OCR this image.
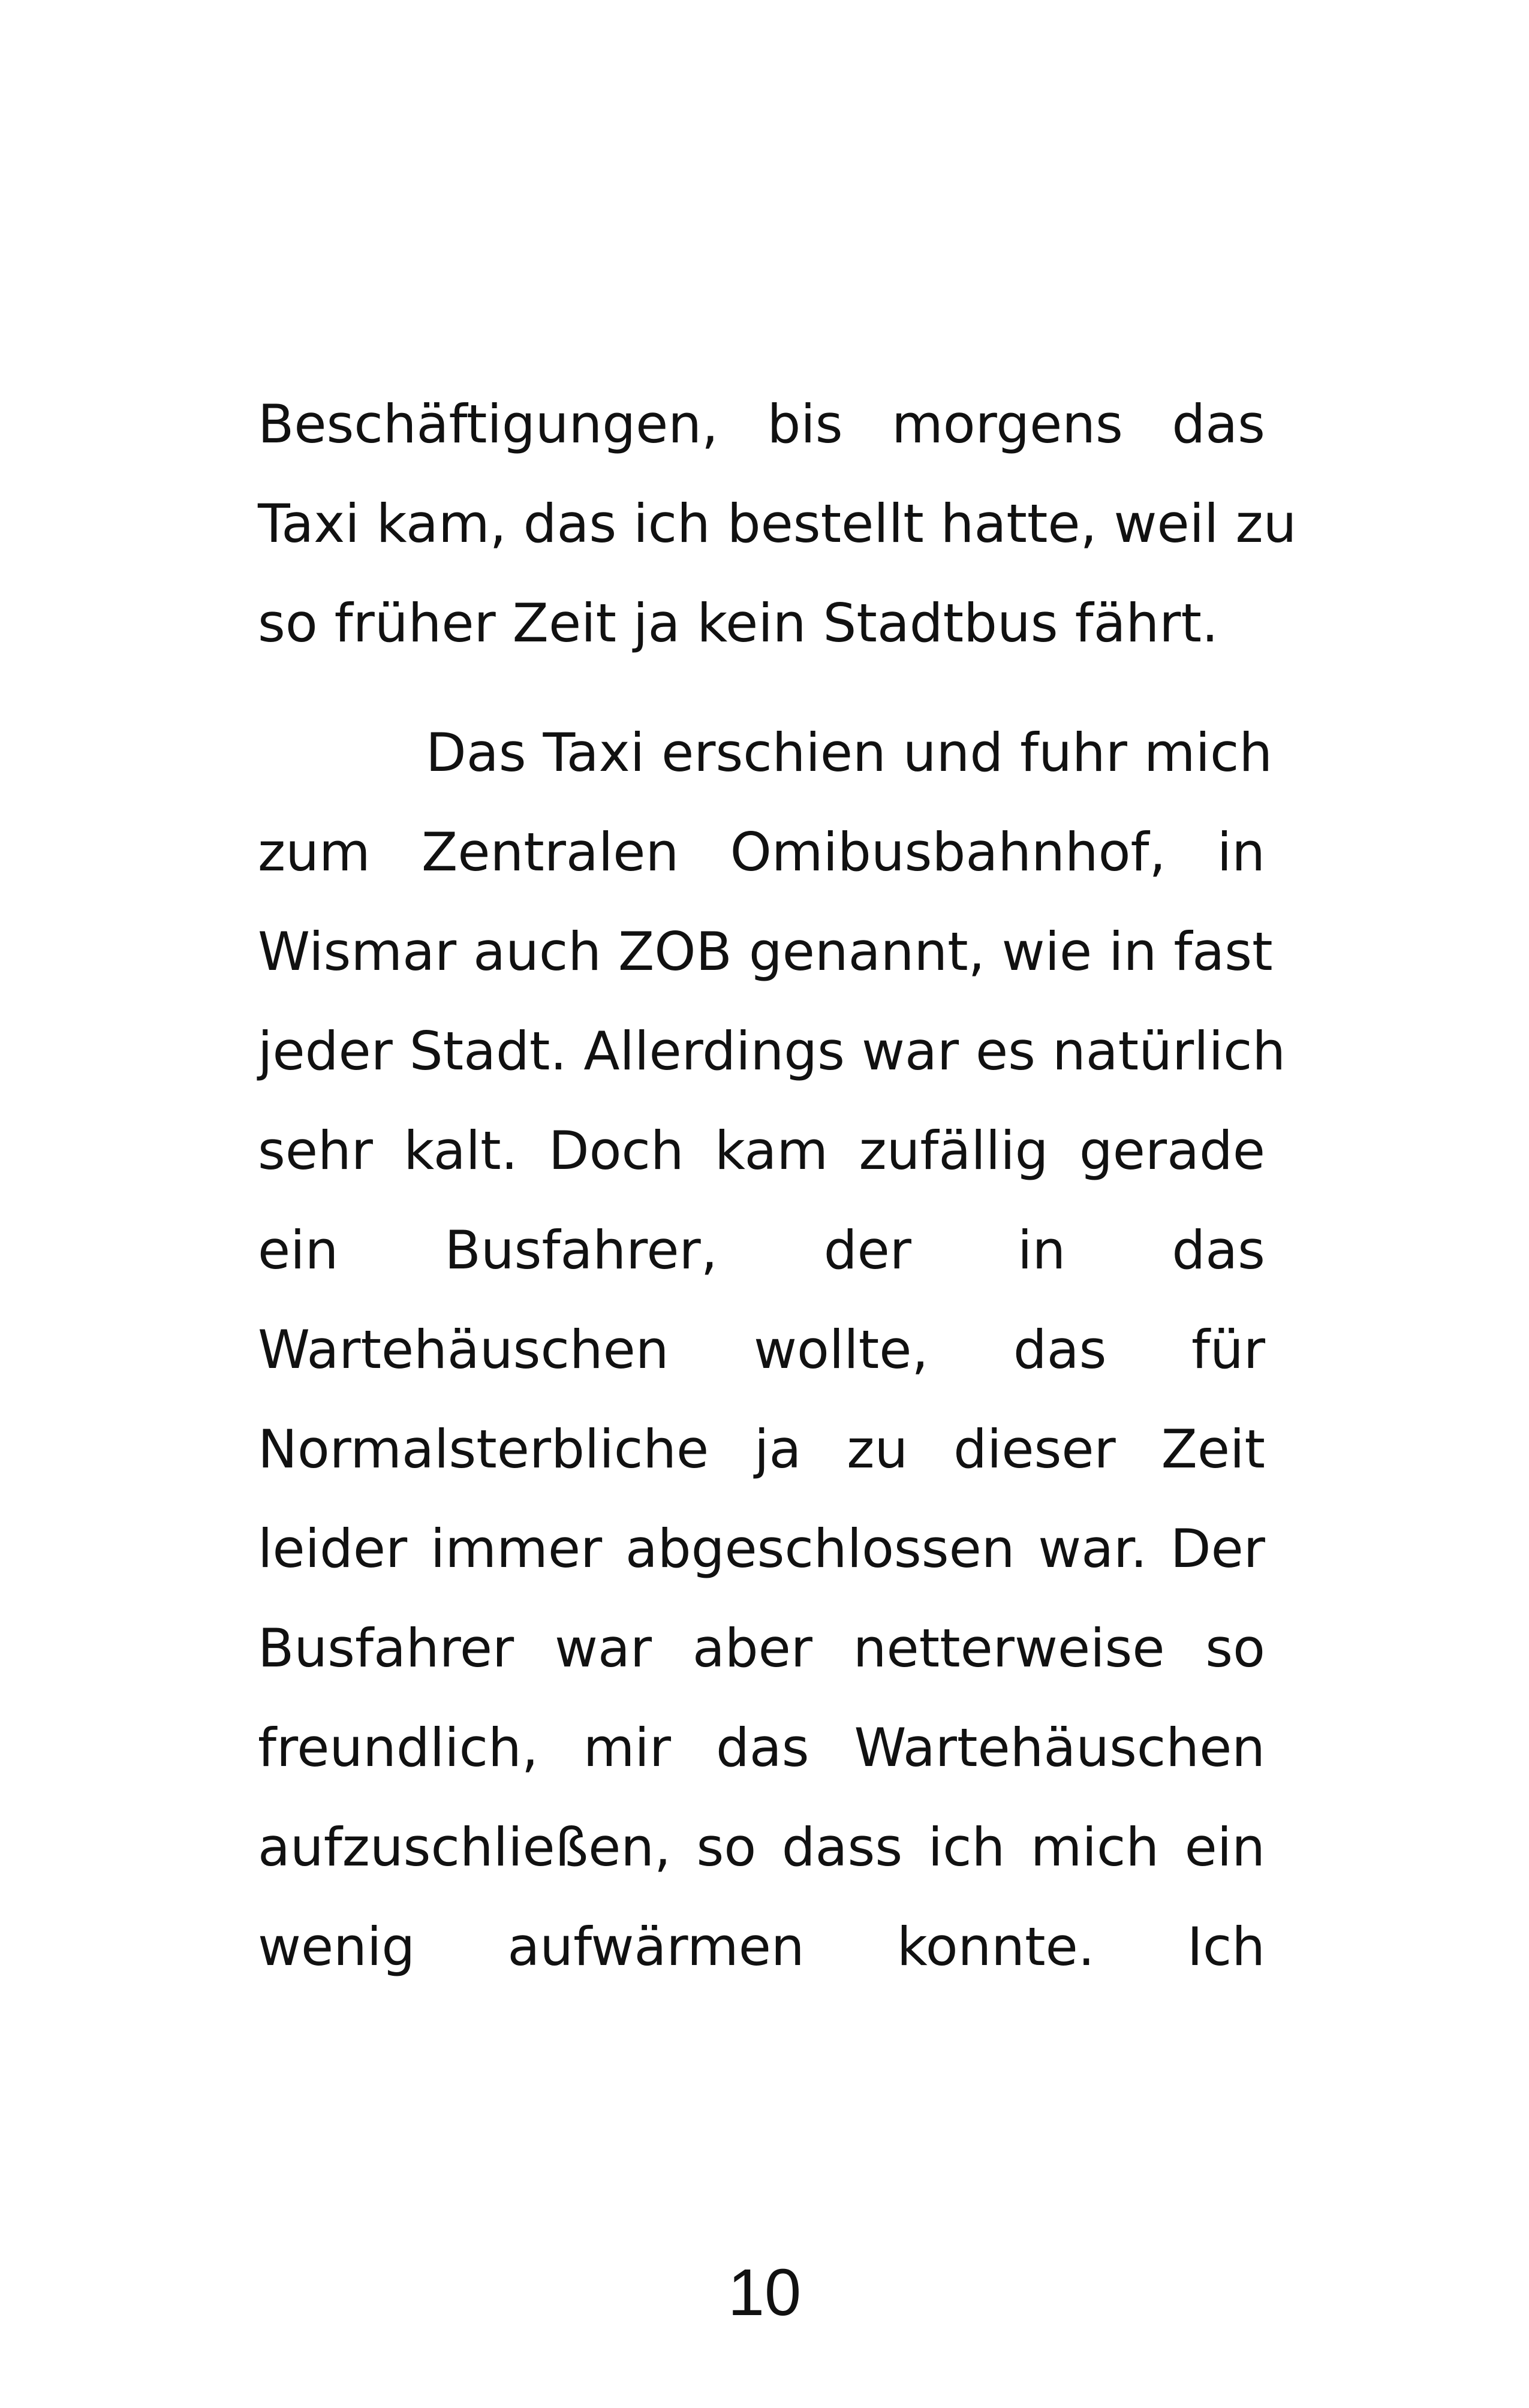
Beschäftigungen, bis morgens das
Taxi kam, das ich bestellt hatte, weil zu
so früher Zeit ja kein Stadtbus fährt.
Das Taxi erschien und fuhr mich
zum Zentralen Omibusbahnhof, in
Wismar auch ZOB genannt, wie in fast
jeder Stadt. Allerdings war es natürlich
sehr kalt. Doch kam zufällig gerade
ein Busfahrer, der in das
Wartehäuschen wollte, das für
Normalsterbliche ja zu dieser Zeit
leider immer abgeschlossen war. Der
Busfahrer war aber netterweise so
freundlich, mir das Wartehäuschen
aufzuschließen, so dass ich mich ein
wenig aufwärmen konnte. Ich
10
